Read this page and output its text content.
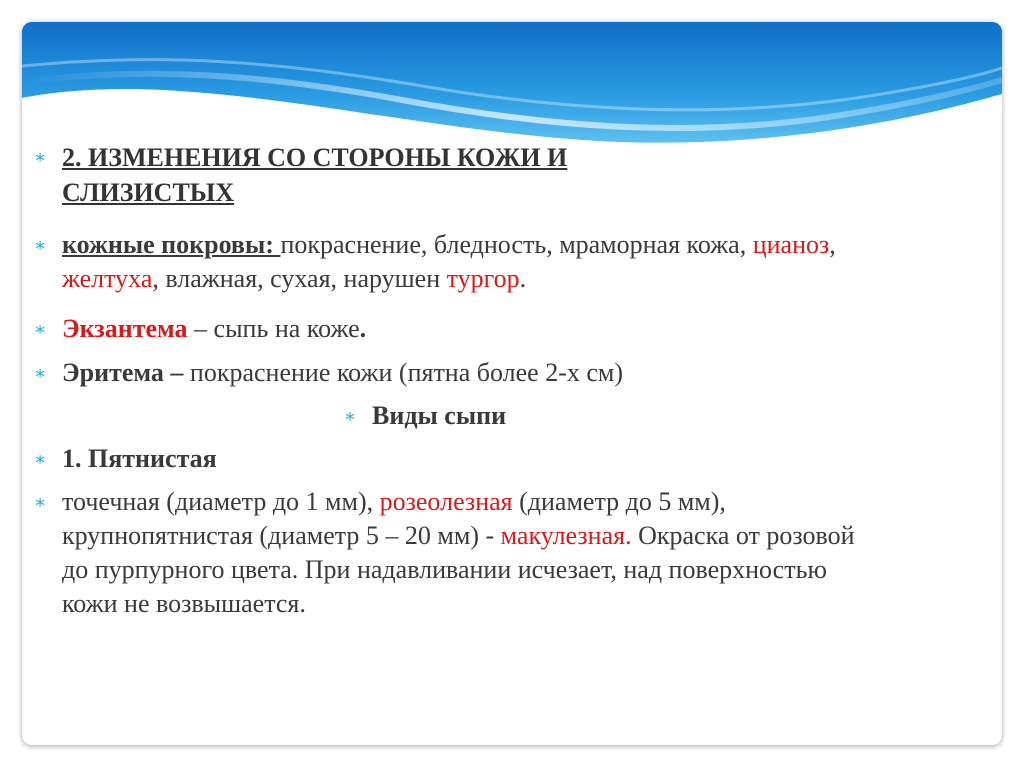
∗ 2. ИЗМЕНЕНИЯ СО СТОРОНЫ КОЖИ И СЛИЗИСТЫХ
∗ кожные покровы: покраснение, бледность, мраморная кожа, цианоз, желтуха, влажная, сухая, нарушен тургор.
∗ Экзантема – сыпь на коже.
∗ Эритема – покраснение кожи (пятна более 2-х см)
∗ Виды сыпи
∗ 1. Пятнистая
∗ точечная (диаметр до 1 мм), розеолезная (диаметр до 5 мм), крупнопятнистая (диаметр 5 – 20 мм) - макулезная. Окраска от розовой до пурпурного цвета. При надавливании исчезает, над поверхностью кожи не возвышается.
